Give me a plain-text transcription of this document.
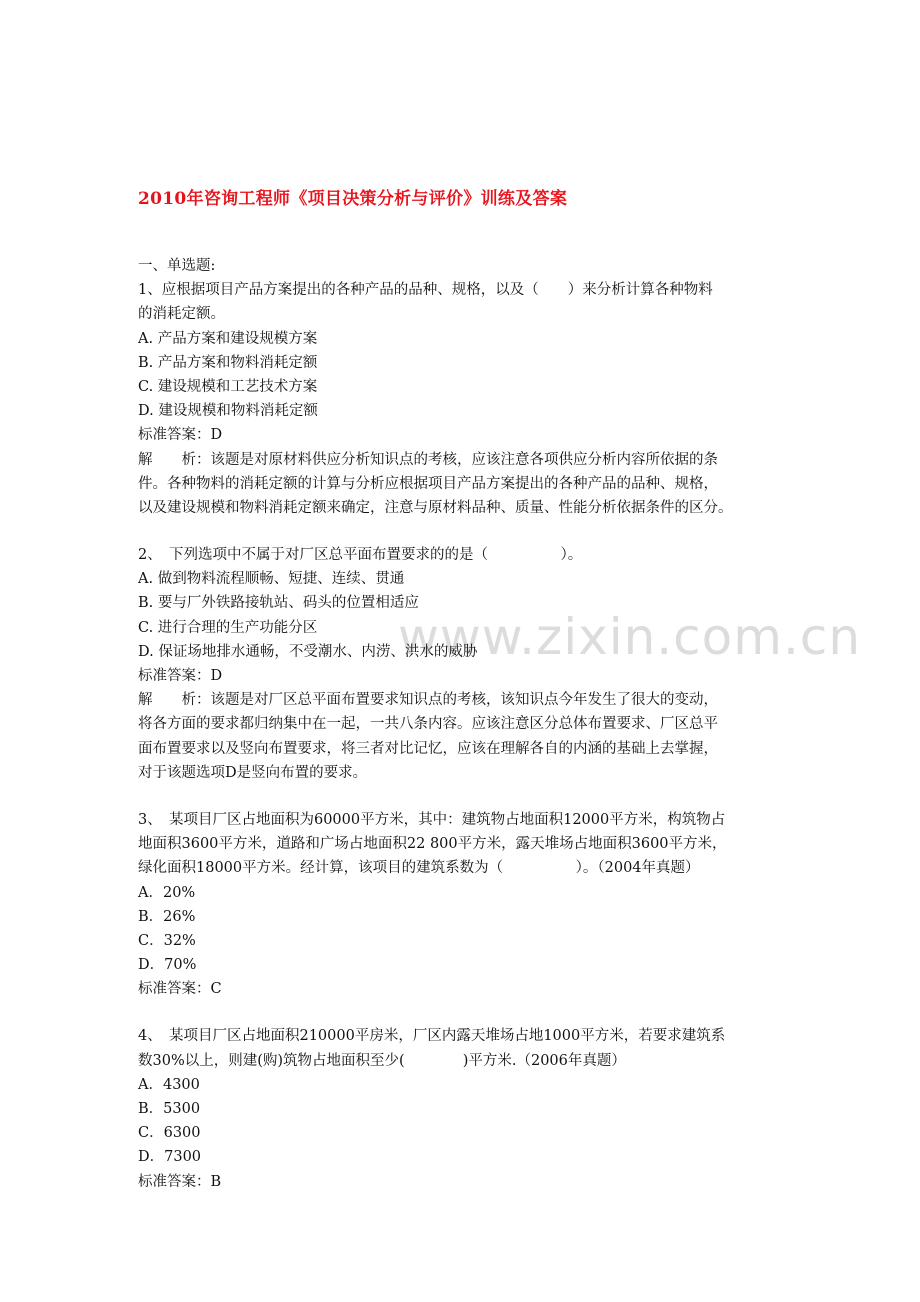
2010年咨询工程师《项目决策分析与评价》训练及答案
www.zixin.com.cn
一、单选题:
1、应根据项目产品方案提出的各种产品的品种、规格，以及（　　）来分析计算各种物料
的消耗定额。
A. 产品方案和建设规模方案
B. 产品方案和物料消耗定额
C. 建设规模和工艺技术方案
D. 建设规模和物料消耗定额
标准答案：D
解　　析：该题是对原材料供应分析知识点的考核，应该注意各项供应分析内容所依据的条
件。各种物料的消耗定额的计算与分析应根据项目产品方案提出的各种产品的品种、规格，
以及建设规模和物料消耗定额来确定，注意与原材料品种、质量、性能分析依据条件的区分。
2、　下列选项中不属于对厂区总平面布置要求的的是（　　　　　）。
A. 做到物料流程顺畅、短捷、连续、贯通
B. 要与厂外铁路接轨站、码头的位置相适应
C. 进行合理的生产功能分区
D. 保证场地排水通畅，不受潮水、内涝、洪水的威胁
标准答案：D
解　　析：该题是对厂区总平面布置要求知识点的考核，该知识点今年发生了很大的变动，
将各方面的要求都归纳集中在一起，一共八条内容。应该注意区分总体布置要求、厂区总平
面布置要求以及竖向布置要求，将三者对比记忆，应该在理解各自的内涵的基础上去掌握，
对于该题选项D是竖向布置的要求。
3、　某项目厂区占地面积为60000平方米，其中：建筑物占地面积12000平方米，构筑物占
地面积3600平方米，道路和广场占地面积22 800平方米，露天堆场占地面积3600平方米，
绿化面积18000平方米。经计算，该项目的建筑系数为（　　　　　）。（2004年真题）
A．20%
B．26%
C．32%
D．70%
标准答案：C
4、　某项目厂区占地面积210000平房米，厂区内露天堆场占地1000平方米，若要求建筑系
数30%以上，则建(购)筑物占地面积至少(　　　　)平方米.（2006年真题）
A．4300
B．5300
C．6300
D．7300
标准答案：B
